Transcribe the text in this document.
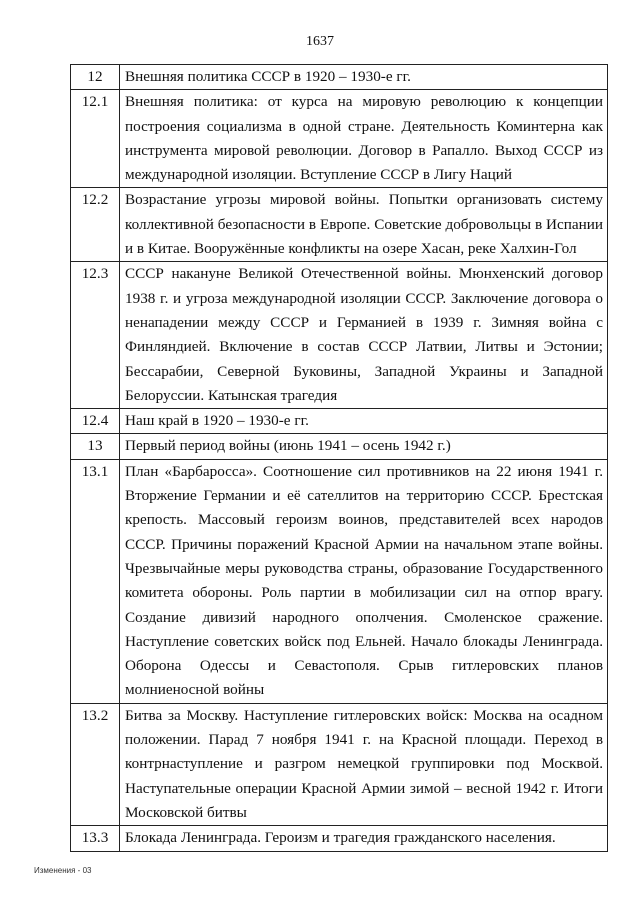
1637
12	Внешняя политика СССР в 1920 – 1930-е гг.
12.1	Внешняя политика: от курса на мировую революцию к концепции построения социализма в одной стране. Деятельность Коминтерна как инструмента мировой революции. Договор в Рапалло. Выход СССР из международной изоляции. Вступление СССР в Лигу Наций
12.2	Возрастание угрозы мировой войны. Попытки организовать систему коллективной безопасности в Европе. Советские добровольцы в Испании и в Китае. Вооружённые конфликты на озере Хасан, реке Халхин-Гол
12.3	СССР накануне Великой Отечественной войны. Мюнхенский договор 1938 г. и угроза международной изоляции СССР. Заключение договора о ненападении между СССР и Германией в 1939 г. Зимняя война с Финляндией. Включение в состав СССР Латвии, Литвы и Эстонии; Бессарабии, Северной Буковины, Западной Украины и Западной Белоруссии. Катынская трагедия
12.4	Наш край в 1920 – 1930-е гг.
13	Первый период войны (июнь 1941 – осень 1942 г.)
13.1	План «Барбаросса». Соотношение сил противников на 22 июня 1941 г. Вторжение Германии и её сателлитов на территорию СССР. Брестская крепость. Массовый героизм воинов, представителей всех народов СССР. Причины поражений Красной Армии на начальном этапе войны. Чрезвычайные меры руководства страны, образование Государственного комитета обороны. Роль партии в мобилизации сил на отпор врагу. Создание дивизий народного ополчения. Смоленское сражение. Наступление советских войск под Ельней. Начало блокады Ленинграда. Оборона Одессы и Севастополя. Срыв гитлеровских планов молниеносной войны
13.2	Битва за Москву. Наступление гитлеровских войск: Москва на осадном положении. Парад 7 ноября 1941 г. на Красной площади. Переход в контрнаступление и разгром немецкой группировки под Москвой. Наступательные операции Красной Армии зимой – весной 1942 г. Итоги Московской битвы
13.3	Блокада Ленинграда. Героизм и трагедия гражданского населения.
Изменения - 03
